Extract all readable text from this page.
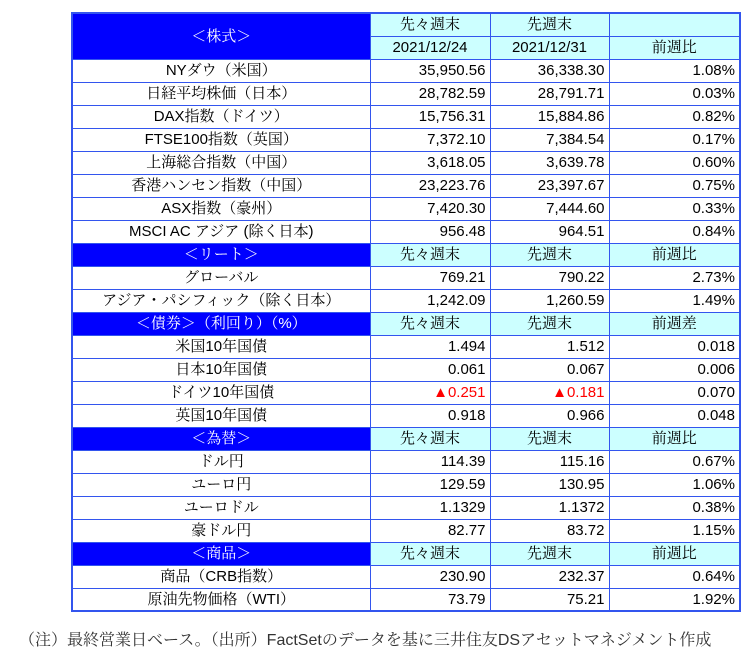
＜株式＞	先々週末	先週末	
	2021/12/24	2021/12/31	前週比
NYダウ（米国）	35,950.56	36,338.30	1.08%
日経平均株価（日本）	28,782.59	28,791.71	0.03%
DAX指数（ドイツ）	15,756.31	15,884.86	0.82%
FTSE100指数（英国）	7,372.10	7,384.54	0.17%
上海総合指数（中国）	3,618.05	3,639.78	0.60%
香港ハンセン指数（中国）	23,223.76	23,397.67	0.75%
ASX指数（豪州）	7,420.30	7,444.60	0.33%
MSCI AC アジア (除く日本)	956.48	964.51	0.84%
＜リート＞	先々週末	先週末	前週比
グローバル	769.21	790.22	2.73%
アジア・パシフィック（除く日本）	1,242.09	1,260.59	1.49%
＜債券＞（利回り）（%）	先々週末	先週末	前週差
米国10年国債	1.494	1.512	0.018
日本10年国債	0.061	0.067	0.006
ドイツ10年国債	▲0.251	▲0.181	0.070
英国10年国債	0.918	0.966	0.048
＜為替＞	先々週末	先週末	前週比
ドル円	114.39	115.16	0.67%
ユーロ円	129.59	130.95	1.06%
ユーロドル	1.1329	1.1372	0.38%
豪ドル円	82.77	83.72	1.15%
＜商品＞	先々週末	先週末	前週比
商品（CRB指数）	230.90	232.37	0.64%
原油先物価格（WTI）	73.79	75.21	1.92%
（注）最終営業日ベース。（出所）FactSetのデータを基に三井住友DSアセットマネジメント作成
